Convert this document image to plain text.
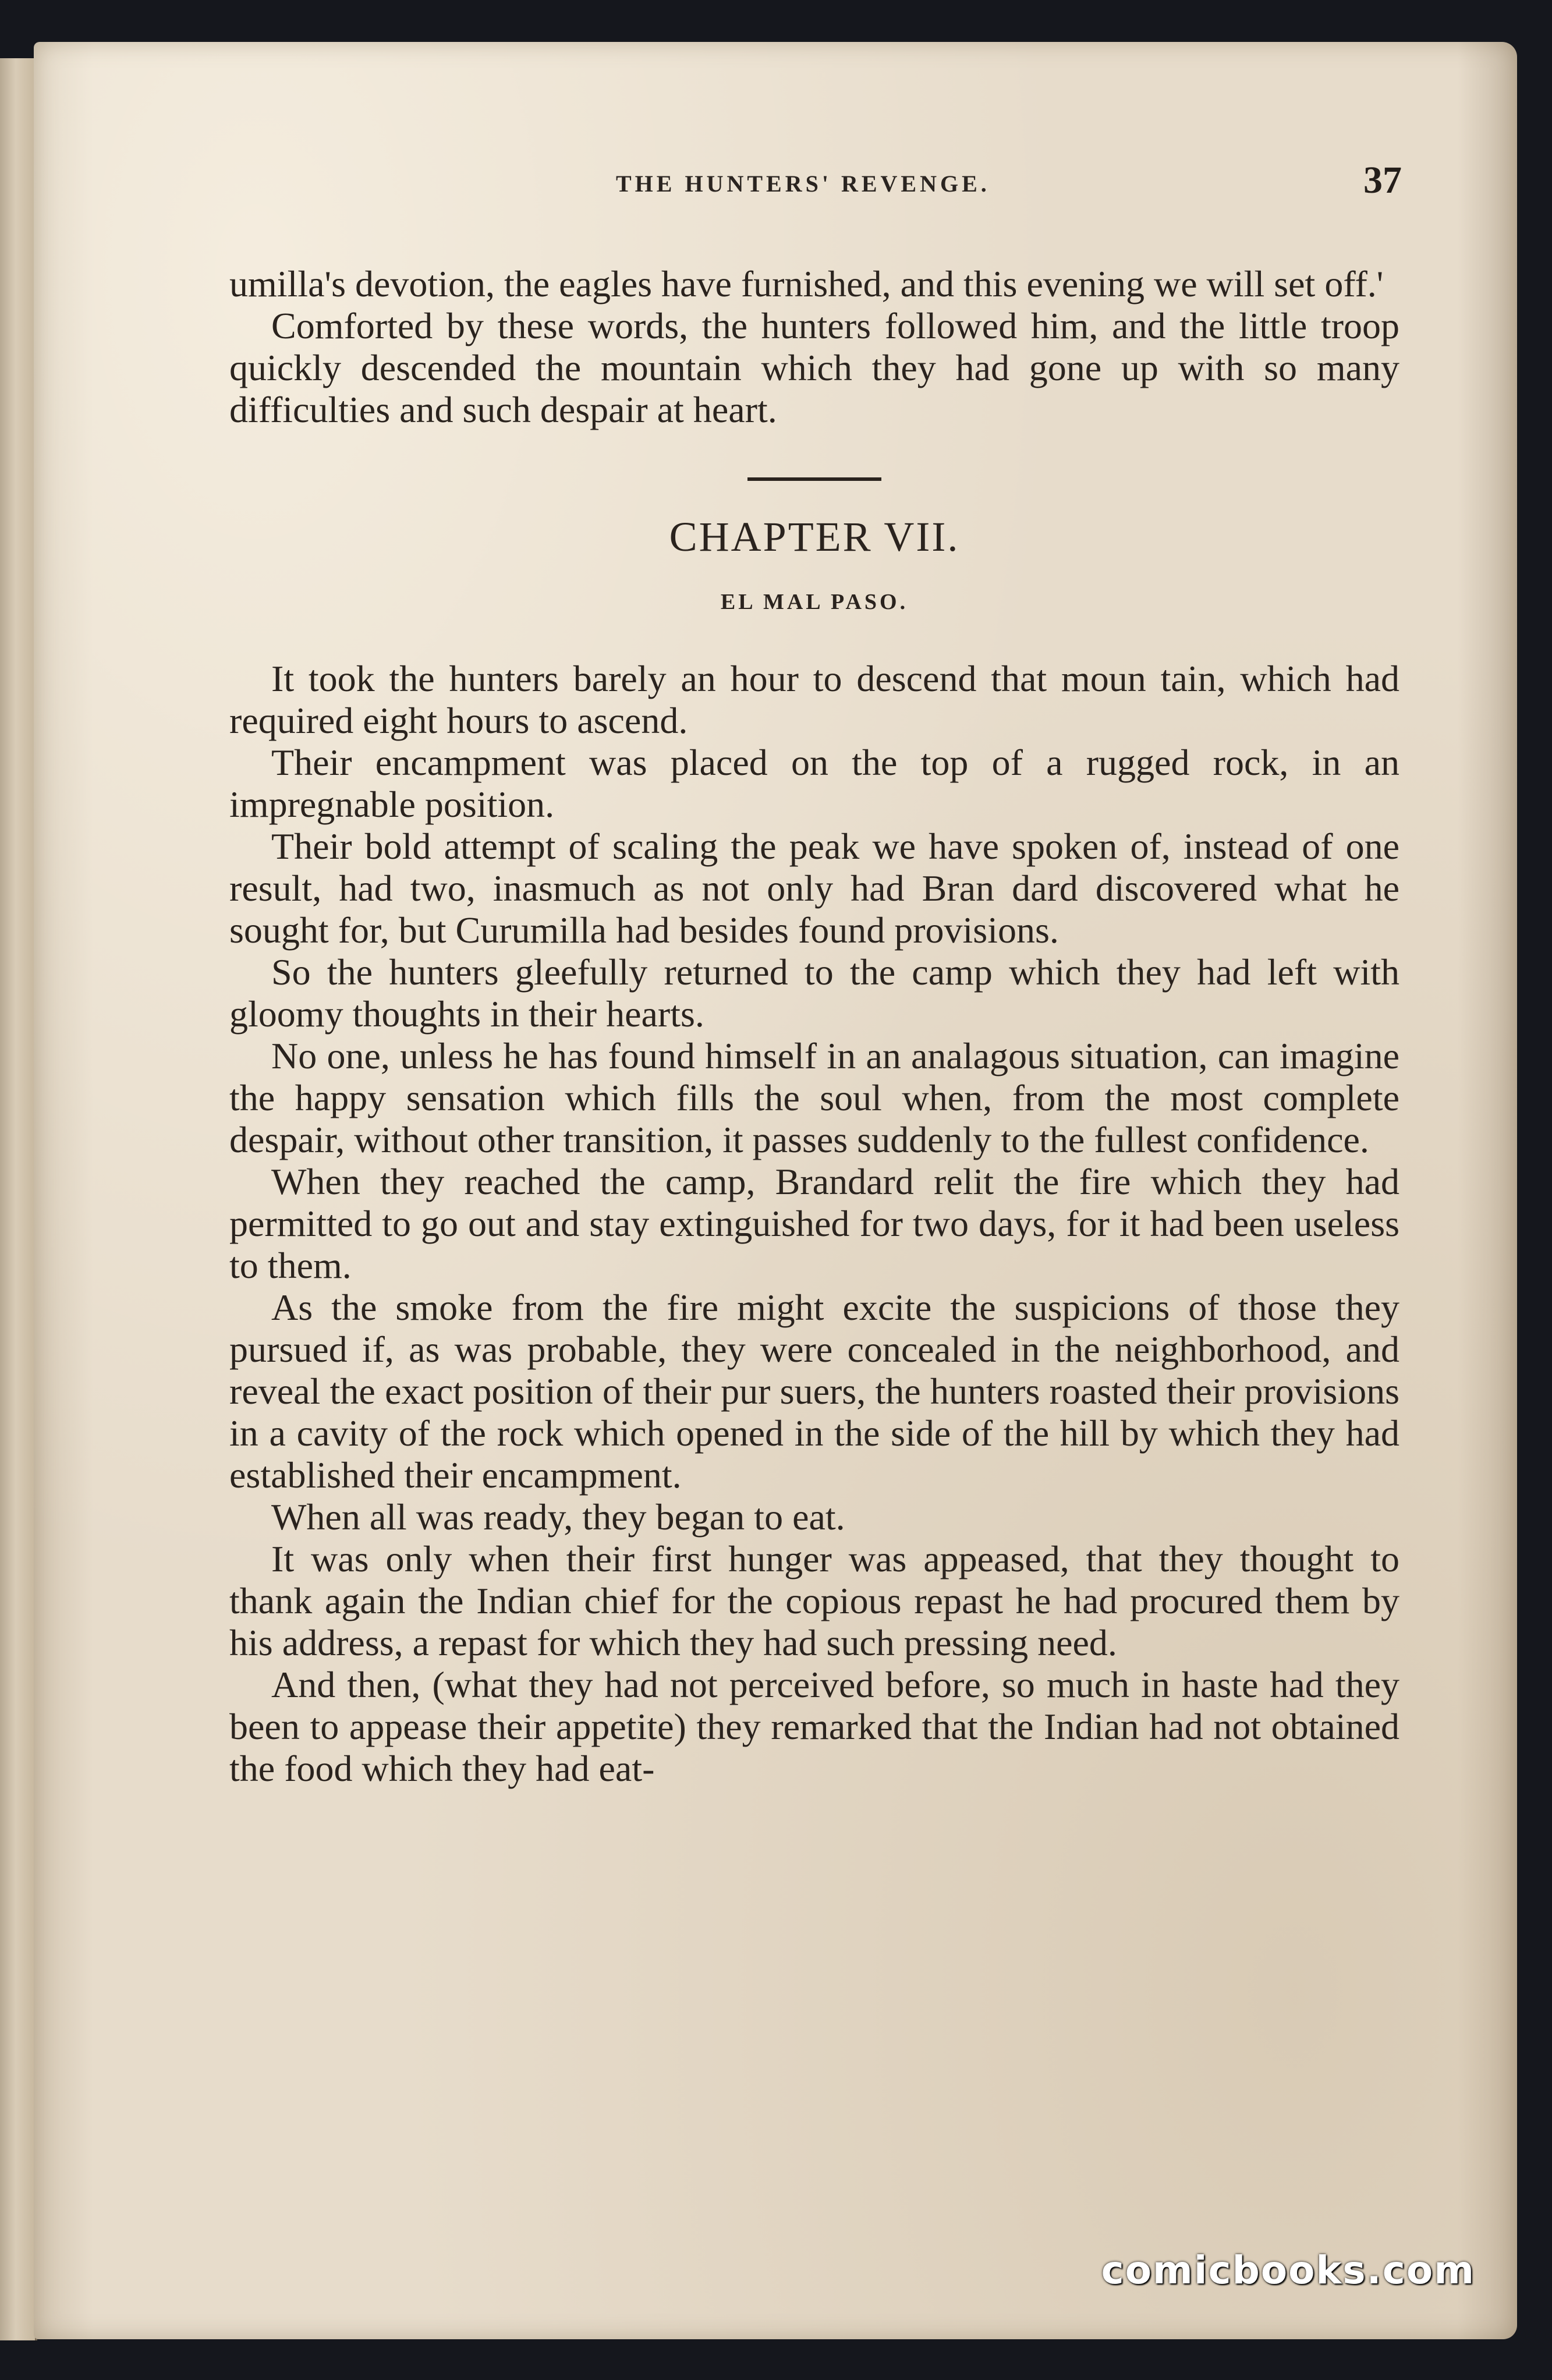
THE HUNTERS' REVENGE.	37

umilla's devotion, the eagles have furnished, and this evening we will set off.'

Comforted by these words, the hunters followed him, and the little troop quickly descended the mountain which they had gone up with so many difficulties and such despair at heart.

CHAPTER VII.
EL MAL PASO.

It took the hunters barely an hour to descend that moun tain, which had required eight hours to ascend.

Their encampment was placed on the top of a rugged rock, in an impregnable position.

Their bold attempt of scaling the peak we have spoken of, instead of one result, had two, inasmuch as not only had Bran dard discovered what he sought for, but Curumilla had besides found provisions.

So the hunters gleefully returned to the camp which they had left with gloomy thoughts in their hearts.

No one, unless he has found himself in an analagous situation, can imagine the happy sensation which fills the soul when, from the most complete despair, without other transition, it passes suddenly to the fullest confidence.

When they reached the camp, Brandard relit the fire which they had permitted to go out and stay extinguished for two days, for it had been useless to them.

As the smoke from the fire might excite the suspicions of those they pursued if, as was probable, they were concealed in the neighborhood, and reveal the exact position of their pur suers, the hunters roasted their provisions in a cavity of the rock which opened in the side of the hill by which they had established their encampment.

When all was ready, they began to eat.

It was only when their first hunger was appeased, that they thought to thank again the Indian chief for the copious repast he had procured them by his address, a repast for which they had such pressing need.

And then, (what they had not perceived before, so much in haste had they been to appease their appetite) they remarked that the Indian had not obtained the food which they had eat-

comicbooks.com
